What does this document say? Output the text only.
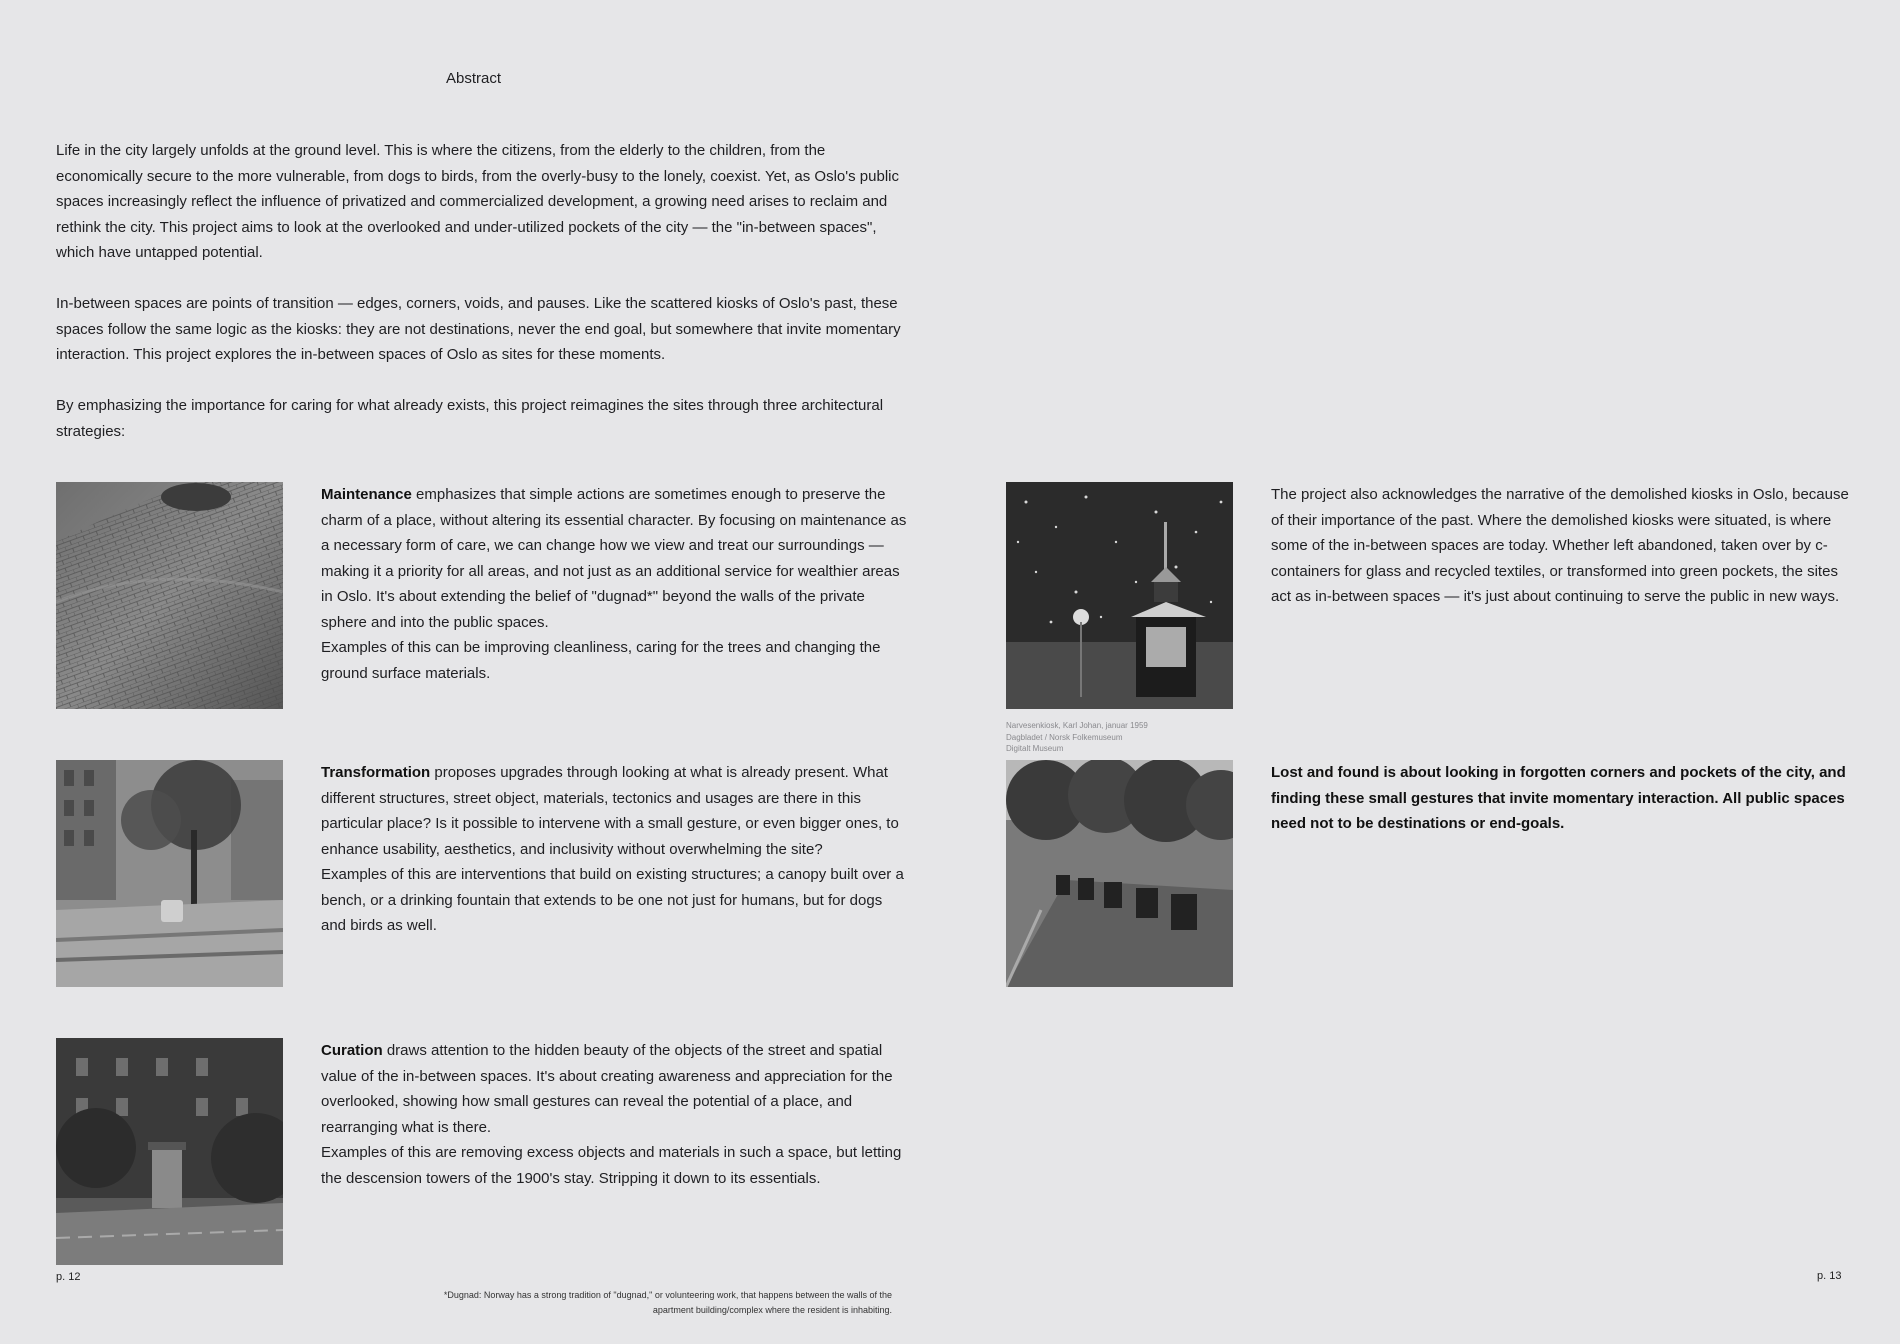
Abstract

Life in the city largely unfolds at the ground level. This is where the citizens, from the elderly to the children, from the economically secure to the more vulnerable, from dogs to birds, from the overly-busy to the lonely, coexist. Yet, as Oslo's public spaces increasingly reflect the influence of privatized and commercialized development, a growing need arises to reclaim and rethink the city. This project aims to look at the overlooked and under-utilized pockets of the city — the "in-between spaces", which have untapped potential.

In-between spaces are points of transition — edges, corners, voids, and pauses. Like the scattered kiosks of Oslo's past, these spaces follow the same logic as the kiosks: they are not destinations, never the end goal, but somewhere that invite momentary interaction. This project explores the in-between spaces of Oslo as sites for these moments.

By emphasizing the importance for caring for what already exists, this project reimagines the sites through three architectural strategies:

Maintenance emphasizes that simple actions are sometimes enough to preserve the charm of a place, without altering its essential character. By focusing on maintenance as a necessary form of care, we can change how we view and treat our surroundings — making it a priority for all areas, and not just as an additional service for wealthier areas in Oslo. It's about extending the belief of "dugnad*" beyond the walls of the private sphere and into the public spaces.

Examples of this can be improving cleanliness, caring for the trees and changing the ground surface materials.

Transformation proposes upgrades through looking at what is already present. What different structures, street object, materials, tectonics and usages are there in this particular place? Is it possible to intervene with a small gesture, or even bigger ones, to enhance usability, aesthetics, and inclusivity without overwhelming the site?

Examples of this are interventions that build on existing structures; a canopy built over a bench, or a drinking fountain that extends to be one not just for humans, but for dogs and birds as well.

Curation draws attention to the hidden beauty of the objects of the street and spatial value of the in-between spaces. It's about creating awareness and appreciation for the overlooked, showing how small gestures can reveal the potential of a place, and rearranging what is there.

Examples of this are removing excess objects and materials in such a space, but letting the descension towers of the 1900's stay. Stripping it down to its essentials.

Narvesenkiosk, Karl Johan, januar 1959
Dagbladet / Norsk Folkemuseum
Digitalt Museum
The project also acknowledges the narrative of the demolished kiosks in Oslo, because of their importance of the past. Where the demolished kiosks were situated, is where some of the in-between spaces are today. Whether left abandoned, taken over by c-containers for glass and recycled textiles, or transformed into green pockets, the sites act as in-between spaces — it's just about continuing to serve the public in new ways.
Lost and found is about looking in forgotten corners and pockets of the city, and finding these small gestures that invite momentary interaction. All public spaces need not to be destinations or end-goals.
p. 12	p. 13
*Dugnad: Norway has a strong tradition of "dugnad," or volunteering work, that happens between the walls of the apartment building/complex where the resident is inhabiting.
